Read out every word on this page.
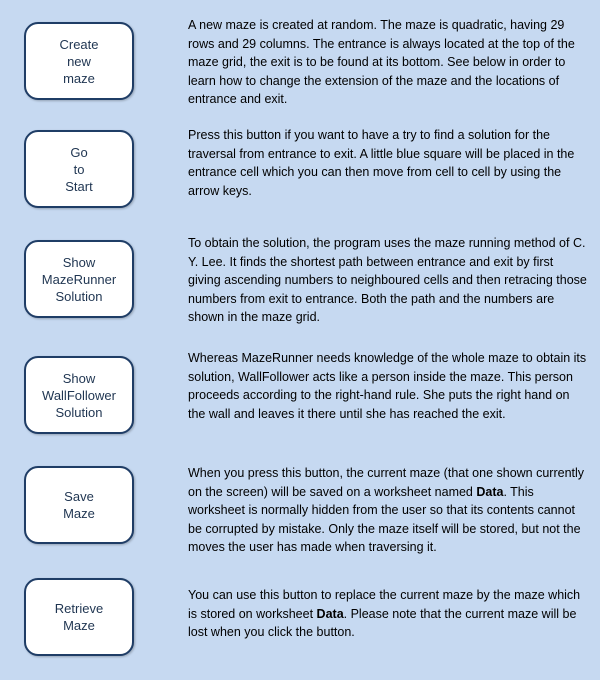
Create
new
maze

A new maze is created at random. The maze is quadratic, having 29 rows and 29 columns. The entrance is always located at the top of the maze grid, the exit is to be found at its bottom. See below in order to learn how to change the extension of the maze and the locations of entrance and exit.

Go
to
Start

Press this button if you want to have a try to find a solution for the traversal from entrance to exit. A little blue square will be placed in the entrance cell which you can then move from cell to cell by using the arrow keys.

Show
MazeRunner
Solution

To obtain the solution, the program uses the maze running method of C. Y. Lee. It finds the shortest path between entrance and exit by first giving ascending numbers to neighboured cells and then retracing those numbers from exit to entrance. Both the path and the numbers are shown in the maze grid.

Show
WallFollower
Solution

Whereas MazeRunner needs knowledge of the whole maze to obtain its solution, WallFollower acts like a person inside the maze. This person proceeds according to the right-hand rule. She puts the right hand on the wall and leaves it there until she has reached the exit.

Save
Maze

When you press this button, the current maze (that one shown currently on the screen) will be saved on a worksheet named Data. This worksheet is normally hidden from the user so that its contents cannot be corrupted by mistake. Only the maze itself will be stored, but not the moves the user has made when traversing it.

Retrieve
Maze

You can use this button to replace the current maze by the maze which is stored on worksheet Data. Please note that the current maze will be lost when you click the button.
